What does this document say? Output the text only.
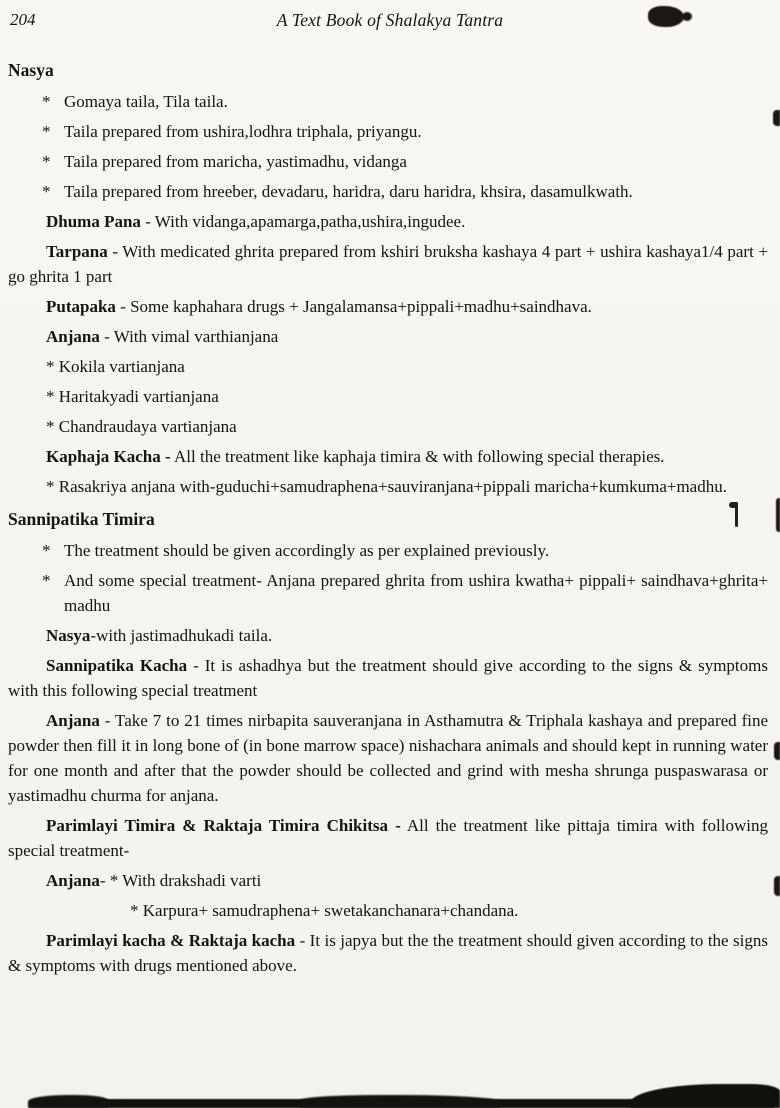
204	A Text Book of Shalakya Tantra

Nasya

* Gomaya taila, Tila taila.

* Taila prepared from ushira,lodhra triphala, priyangu.

* Taila prepared from maricha, yastimadhu, vidanga

* Taila prepared from hreeber, devadaru, haridra, daru haridra, khsira, dasamulkwath.

Dhuma Pana - With vidanga,apamarga,patha,ushira,ingudee.

Tarpana - With medicated ghrita prepared from kshiri bruksha kashaya 4 part + ushira kashaya1/4 part + go ghrita 1 part

Putapaka - Some kaphahara drugs + Jangalamansa+pippali+madhu+saindhava.

Anjana - With vimal varthianjana

* Kokila vartianjana

* Haritakyadi vartianjana

* Chandraudaya vartianjana

Kaphaja Kacha - All the treatment like kaphaja timira & with following special therapies.

* Rasakriya anjana with-guduchi+samudraphena+sauviranjana+pippali maricha+kumkuma+madhu.

Sannipatika Timira

* The treatment should be given accordingly as per explained previously.

* And some special treatment- Anjana prepared ghrita from ushira kwatha+ pippali+ saindhava+ghrita+ madhu

Nasya-with jastimadhukadi taila.

Sannipatika Kacha - It is ashadhya but the treatment should give according to the signs & symptoms with this following special treatment

Anjana - Take 7 to 21 times nirbapita sauveranjana in Asthamutra & Triphala kashaya and prepared fine powder then fill it in long bone of (in bone marrow space) nishachara animals and should kept in running water for one month and after that the powder should be collected and grind with mesha shrunga puspaswarasa or yastimadhu churma for anjana.

Parimlayi Timira & Raktaja Timira Chikitsa - All the treatment like pittaja timira with following special treatment-

Anjana- * With drakshadi varti

* Karpura+ samudraphena+ swetakanchanara+chandana.

Parimlayi kacha & Raktaja kacha - It is japya but the the treatment should given according to the signs & symptoms with drugs mentioned above.
